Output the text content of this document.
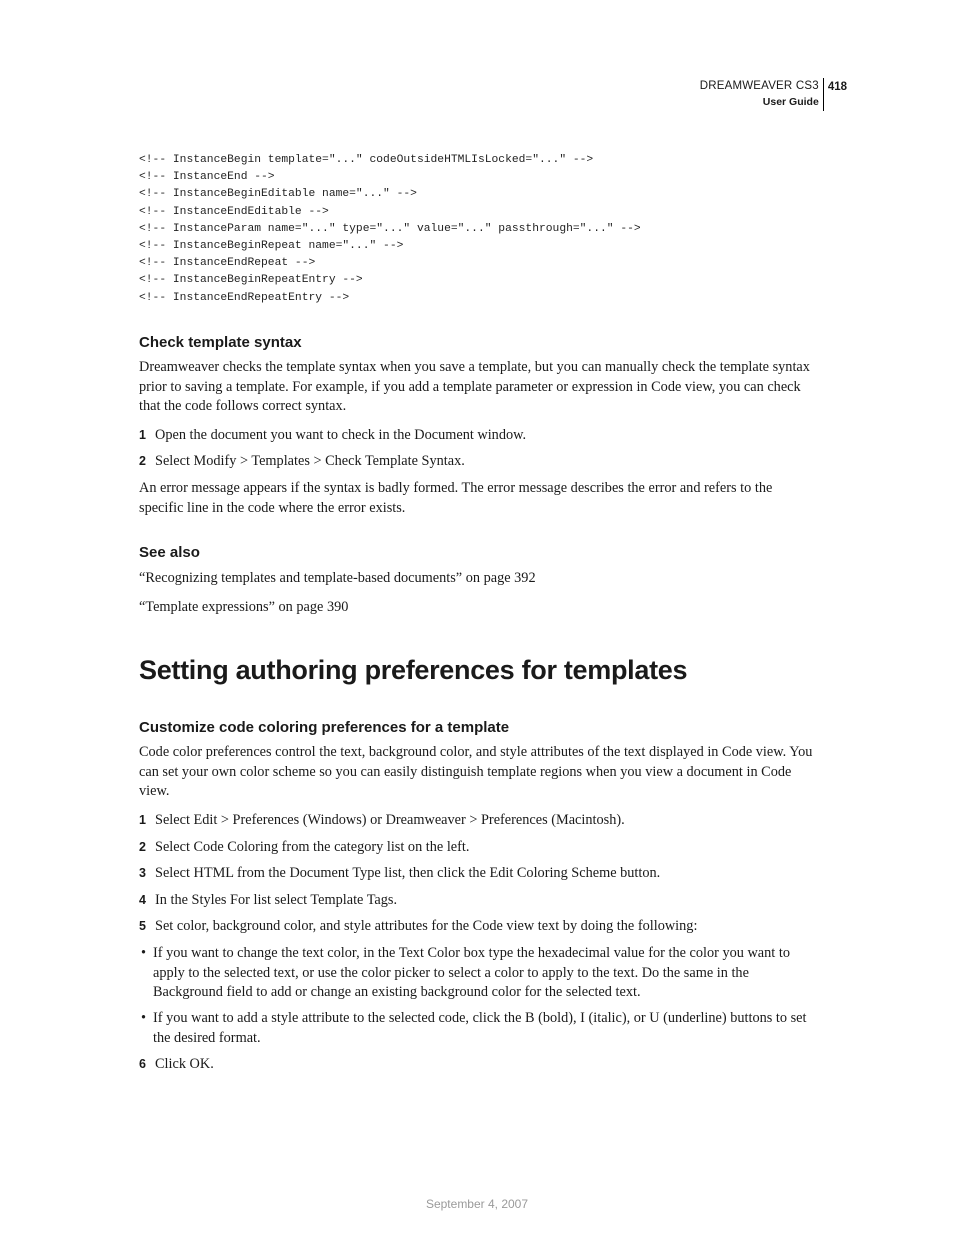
DREAMWEAVER CS3
User Guide
418
<!-- InstanceBegin template="..." codeOutsideHTMLIsLocked="..." -->
<!-- InstanceEnd -->
<!-- InstanceBeginEditable name="..." -->
<!-- InstanceEndEditable -->
<!-- InstanceParam name="..." type="..." value="..." passthrough="..." -->
<!-- InstanceBeginRepeat name="..." -->
<!-- InstanceEndRepeat -->
<!-- InstanceBeginRepeatEntry -->
<!-- InstanceEndRepeatEntry -->
Check template syntax

Dreamweaver checks the template syntax when you save a template, but you can manually check the template syntax prior to saving a template. For example, if you add a template parameter or expression in Code view, you can check that the code follows correct syntax.

1 Open the document you want to check in the Document window.
2 Select Modify > Templates > Check Template Syntax.

An error message appears if the syntax is badly formed. The error message describes the error and refers to the specific line in the code where the error exists.

See also

“Recognizing templates and template-based documents” on page 392

“Template expressions” on page 390

Setting authoring preferences for templates
Customize code coloring preferences for a template

Code color preferences control the text, background color, and style attributes of the text displayed in Code view. You can set your own color scheme so you can easily distinguish template regions when you view a document in Code view.

1 Select Edit > Preferences (Windows) or Dreamweaver > Preferences (Macintosh).
2 Select Code Coloring from the category list on the left.
3 Select HTML from the Document Type list, then click the Edit Coloring Scheme button.
4 In the Styles For list select Template Tags.
5 Set color, background color, and style attributes for the Code view text by doing the following:
• If you want to change the text color, in the Text Color box type the hexadecimal value for the color you want to apply to the selected text, or use the color picker to select a color to apply to the text. Do the same in the Background field to add or change an existing background color for the selected text.
• If you want to add a style attribute to the selected code, click the B (bold), I (italic), or U (underline) buttons to set the desired format.
6 Click OK.
September 4, 2007
